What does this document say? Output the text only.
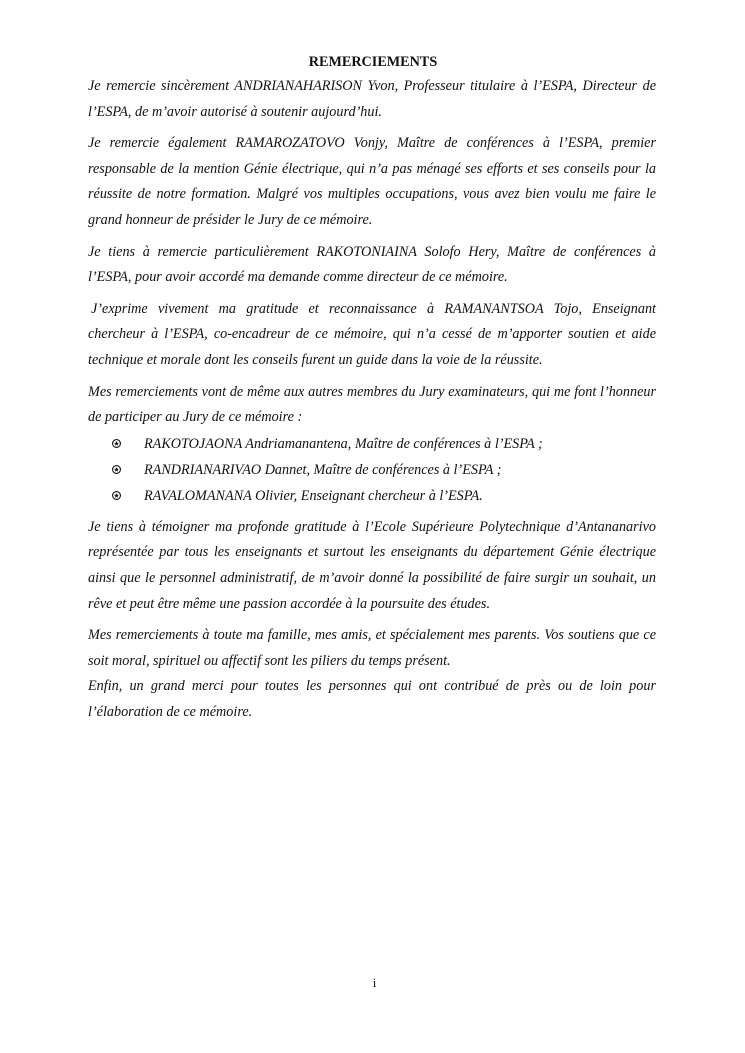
REMERCIEMENTS

Je remercie sincèrement ANDRIANAHARISON Yvon, Professeur titulaire à l’ESPA, Directeur de l’ESPA, de m’avoir autorisé à soutenir aujourd’hui.

Je remercie également RAMAROZATOVO Vonjy, Maître de conférences à l’ESPA, premier responsable de la mention Génie électrique, qui n’a pas ménagé ses efforts et ses conseils pour la réussite de notre formation. Malgré vos multiples occupations, vous avez bien voulu me faire le grand honneur de présider le Jury de ce mémoire.

Je tiens à remercie particulièrement RAKOTONIAINA Solofo Hery, Maître de conférences à l’ESPA, pour avoir accordé ma demande comme directeur de ce mémoire.

J’exprime vivement ma gratitude et reconnaissance à RAMANANTSOA Tojo, Enseignant chercheur à l’ESPA, co-encadreur de ce mémoire, qui n’a cessé de m’apporter soutien et aide technique et morale dont les conseils furent un guide dans la voie de la réussite.

Mes remerciements vont de même aux autres membres du Jury examinateurs, qui me font l’honneur de participer au Jury de ce mémoire :

RAKOTOJAONA Andriamanantena, Maître de conférences à l’ESPA ;
RANDRIANARIVAO Dannet, Maître de conférences à l’ESPA ;
RAVALOMANANA Olivier, Enseignant chercheur à l’ESPA.

Je tiens à témoigner ma profonde gratitude à l’Ecole Supérieure Polytechnique d’Antananarivo représentée par tous les enseignants et surtout les enseignants du département Génie électrique ainsi que le personnel administratif, de m’avoir donné la possibilité de faire surgir un souhait, un rêve et peut être même une passion accordée à la poursuite des études.

Mes remerciements à toute ma famille, mes amis, et spécialement mes parents. Vos soutiens que ce soit moral, spirituel ou affectif sont les piliers du temps présent.

Enfin, un grand merci pour toutes les personnes qui ont contribué de près ou de loin pour l’élaboration de ce mémoire.

i
